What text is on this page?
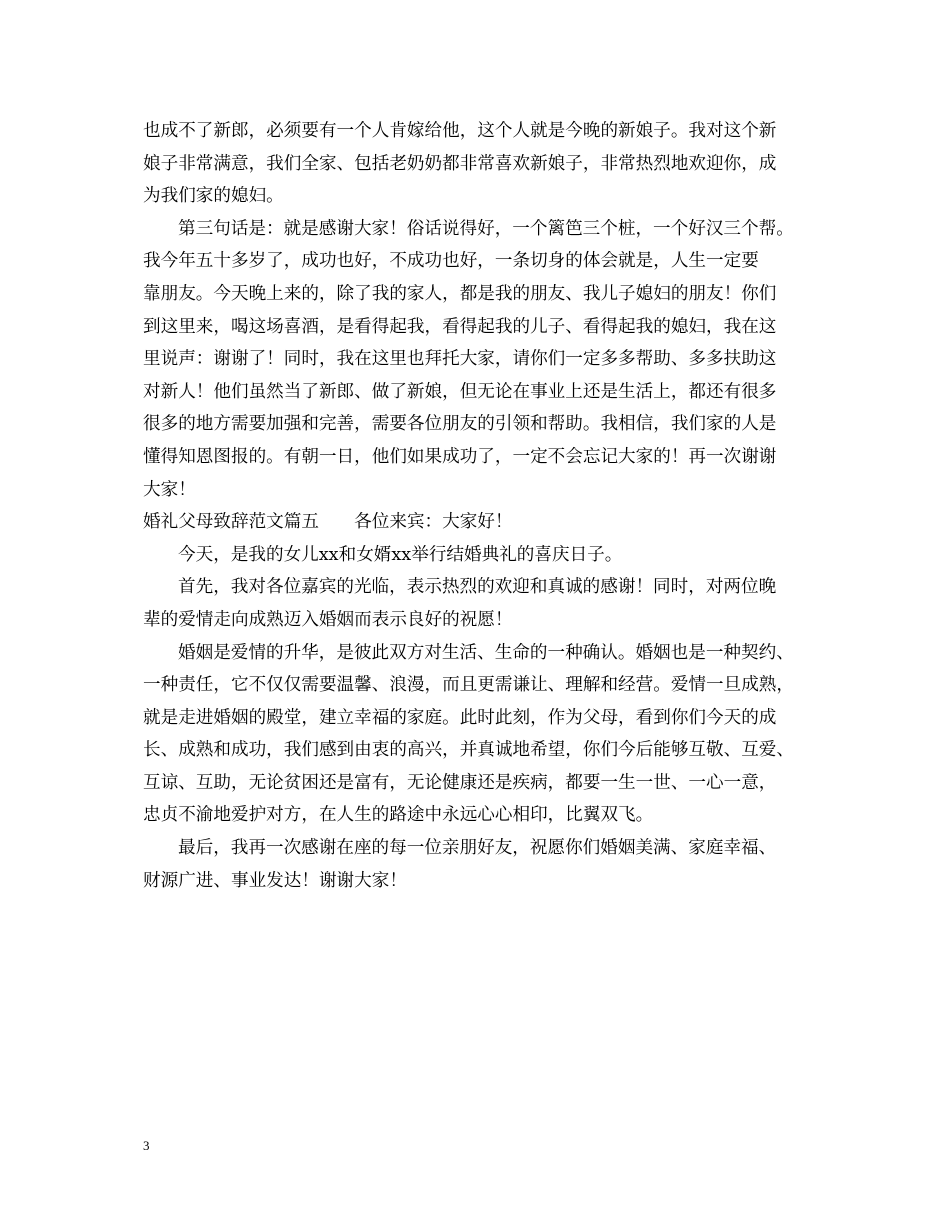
也成不了新郎，必须要有一个人肯嫁给他，这个人就是今晚的新娘子。我对这个新
娘子非常满意，我们全家、包括老奶奶都非常喜欢新娘子，非常热烈地欢迎你，成
为我们家的媳妇。
第三句话是：就是感谢大家！俗话说得好，一个篱笆三个桩，一个好汉三个帮。
我今年五十多岁了，成功也好，不成功也好，一条切身的体会就是，人生一定要
靠朋友。今天晚上来的，除了我的家人，都是我的朋友、我儿子媳妇的朋友！你们
到这里来，喝这场喜酒，是看得起我，看得起我的儿子、看得起我的媳妇，我在这
里说声：谢谢了！同时，我在这里也拜托大家，请你们一定多多帮助、多多扶助这
对新人！他们虽然当了新郎、做了新娘，但无论在事业上还是生活上，都还有很多
很多的地方需要加强和完善，需要各位朋友的引领和帮助。我相信，我们家的人是
懂得知恩图报的。有朝一日，他们如果成功了，一定不会忘记大家的！再一次谢谢
大家！
婚礼父母致辞范文篇五　　各位来宾：大家好！
今天，是我的女儿xx和女婿xx举行结婚典礼的喜庆日子。
首先，我对各位嘉宾的光临，表示热烈的欢迎和真诚的感谢！同时，对两位晚
辈的爱情走向成熟迈入婚姻而表示良好的祝愿！
婚姻是爱情的升华，是彼此双方对生活、生命的一种确认。婚姻也是一种契约、
一种责任，它不仅仅需要温馨、浪漫，而且更需谦让、理解和经营。爱情一旦成熟，
就是走进婚姻的殿堂，建立幸福的家庭。此时此刻，作为父母，看到你们今天的成
长、成熟和成功，我们感到由衷的高兴，并真诚地希望，你们今后能够互敬、互爱、
互谅、互助，无论贫困还是富有，无论健康还是疾病，都要一生一世、一心一意，
忠贞不渝地爱护对方，在人生的路途中永远心心相印，比翼双飞。
最后，我再一次感谢在座的每一位亲朋好友，祝愿你们婚姻美满、家庭幸福、
财源广进、事业发达！谢谢大家！
3
